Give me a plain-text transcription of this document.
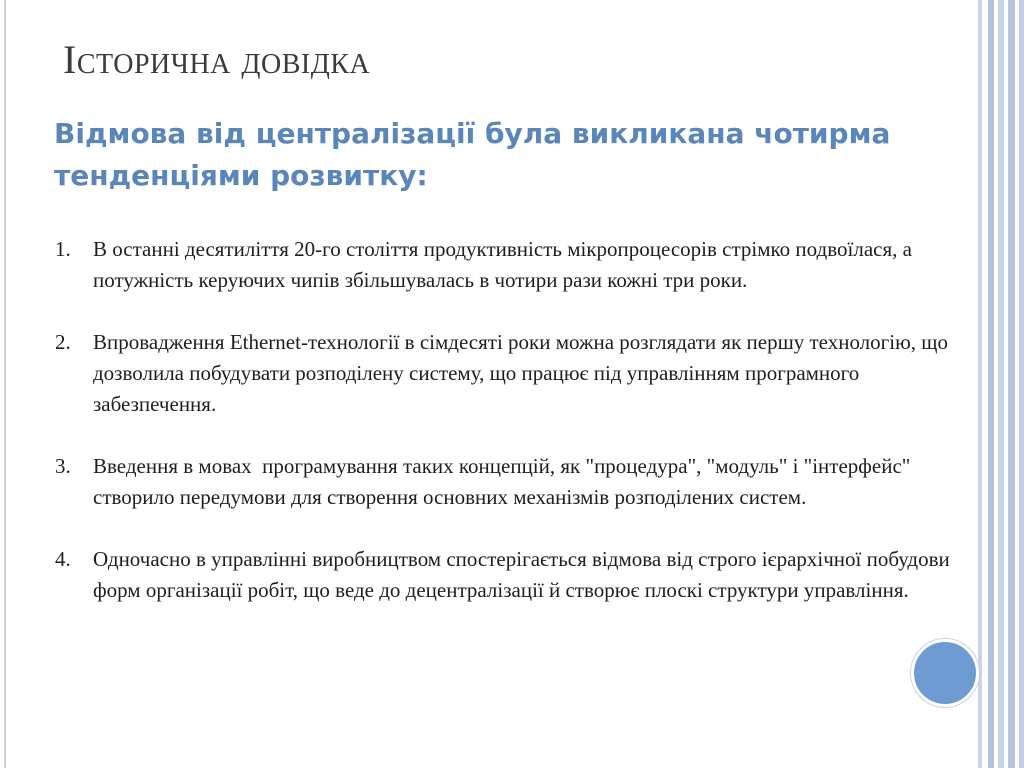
Історична довідка

Відмова від централізації була викликана чотирма тенденціями розвитку:

1.	В останні десятиліття 20-го століття продуктивність мікропроцесорів стрімко подвоїлася, а потужність керуючих чипів збільшувалась в чотири рази кожні три роки.
2.	Впровадження Ethernet-технології в сімдесяті роки можна розглядати як першу технологію, що дозволила побудувати розподілену систему, що працює під управлінням програмного забезпечення.
3.	Введення в мовах  програмування таких концепцій, як "процедура", "модуль" і "інтерфейс" створило передумови для створення основних механізмів розподілених систем.
4.	Одночасно в управлінні виробництвом спостерігається відмова від строго ієрархічної побудови форм організації робіт, що веде до децентралізації й створює плоскі структури управління.
